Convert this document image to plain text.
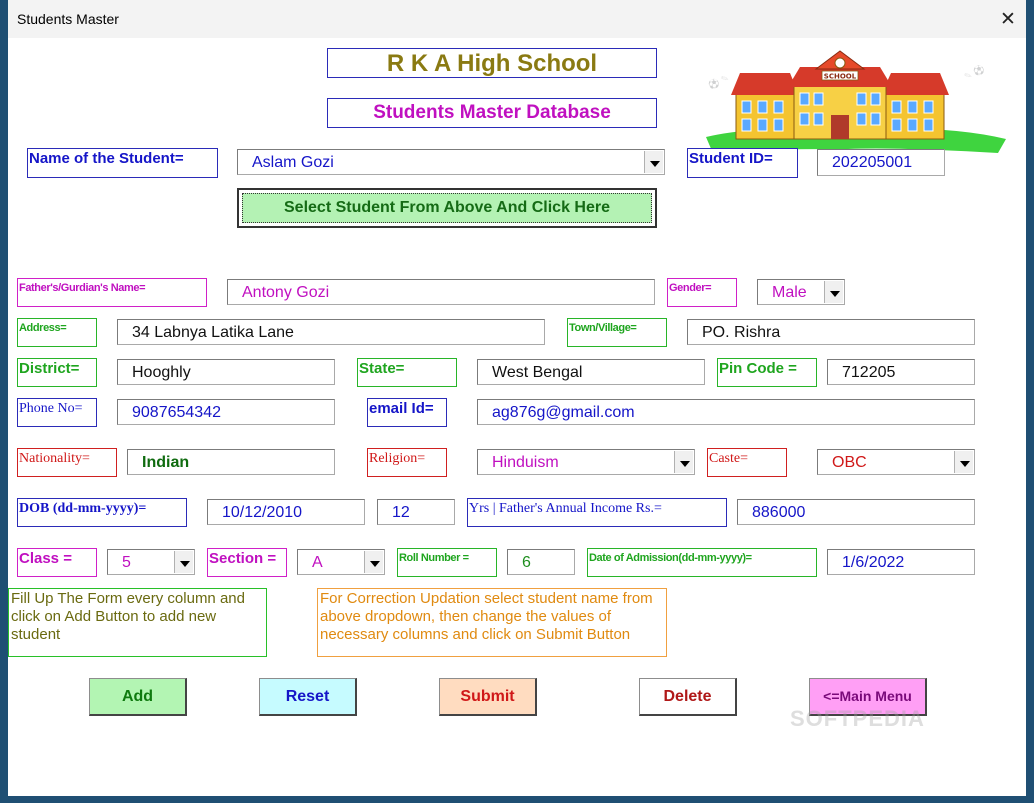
Students Master	✕
R K A High School
Students Master Database
⚽ ✎	✎ ⚽
SCHOOL
Name of the Student=	Aslam Gozi	Student ID=	202205001
Select Student From Above And Click Here
Father's/Gurdian's Name=	Antony Gozi	Gender=	Male
Address=	34 Labnya Latika Lane	Town/Village=	PO. Rishra
District=	Hooghly	State=	West Bengal	Pin Code =	712205
Phone No=	9087654342	email Id=	ag876g@gmail.com
Nationality=	Indian	Religion=	Hinduism	Caste=	OBC
DOB (dd-mm-yyyy)=	10/12/2010	12	Yrs | Father's Annual Income Rs.=	886000
Class =	5	Section =	A	Roll Number =	6	Date of Admission(dd-mm-yyyy)=	1/6/2022
Fill Up The Form every column and click on Add Button to add new student
For Correction Updation select student name from above dropdown, then change the values of necessary columns and click on Submit Button
Add	Reset	Submit	Delete	<=Main Menu
SOFTPEDIA
